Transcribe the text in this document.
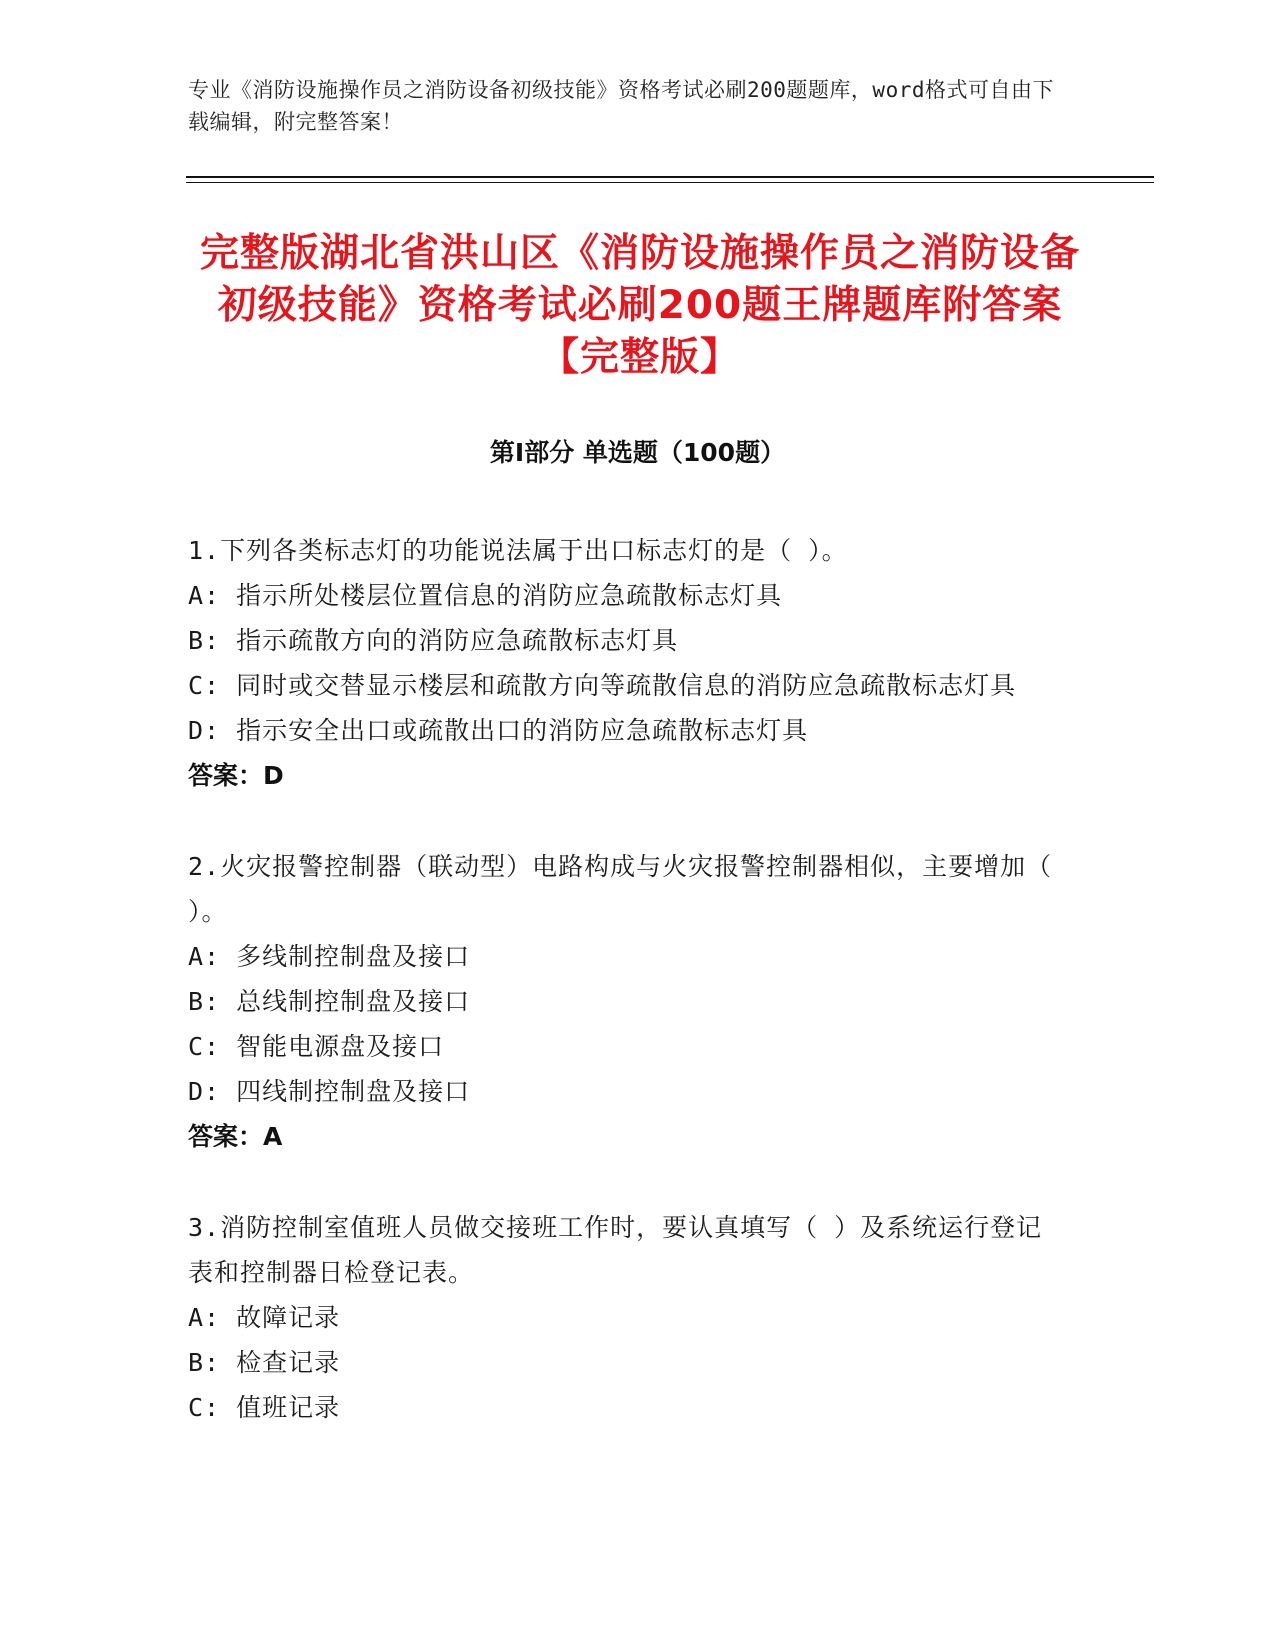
专业《消防设施操作员之消防设备初级技能》资格考试必刷200题题库，word格式可自由下载编辑，附完整答案！
完整版湖北省洪山区《消防设施操作员之消防设备初级技能》资格考试必刷200题王牌题库附答案【完整版】
第Ⅰ部分 单选题（100题）
1.下列各类标志灯的功能说法属于出口标志灯的是（ ）。
A: 指示所处楼层位置信息的消防应急疏散标志灯具
B: 指示疏散方向的消防应急疏散标志灯具
C: 同时或交替显示楼层和疏散方向等疏散信息的消防应急疏散标志灯具
D: 指示安全出口或疏散出口的消防应急疏散标志灯具
答案：D
2.火灾报警控制器（联动型）电路构成与火灾报警控制器相似，主要增加（ ）。
A: 多线制控制盘及接口
B: 总线制控制盘及接口
C: 智能电源盘及接口
D: 四线制控制盘及接口
答案：A
3.消防控制室值班人员做交接班工作时，要认真填写（ ）及系统运行登记表和控制器日检登记表。
A: 故障记录
B: 检查记录
C: 值班记录
